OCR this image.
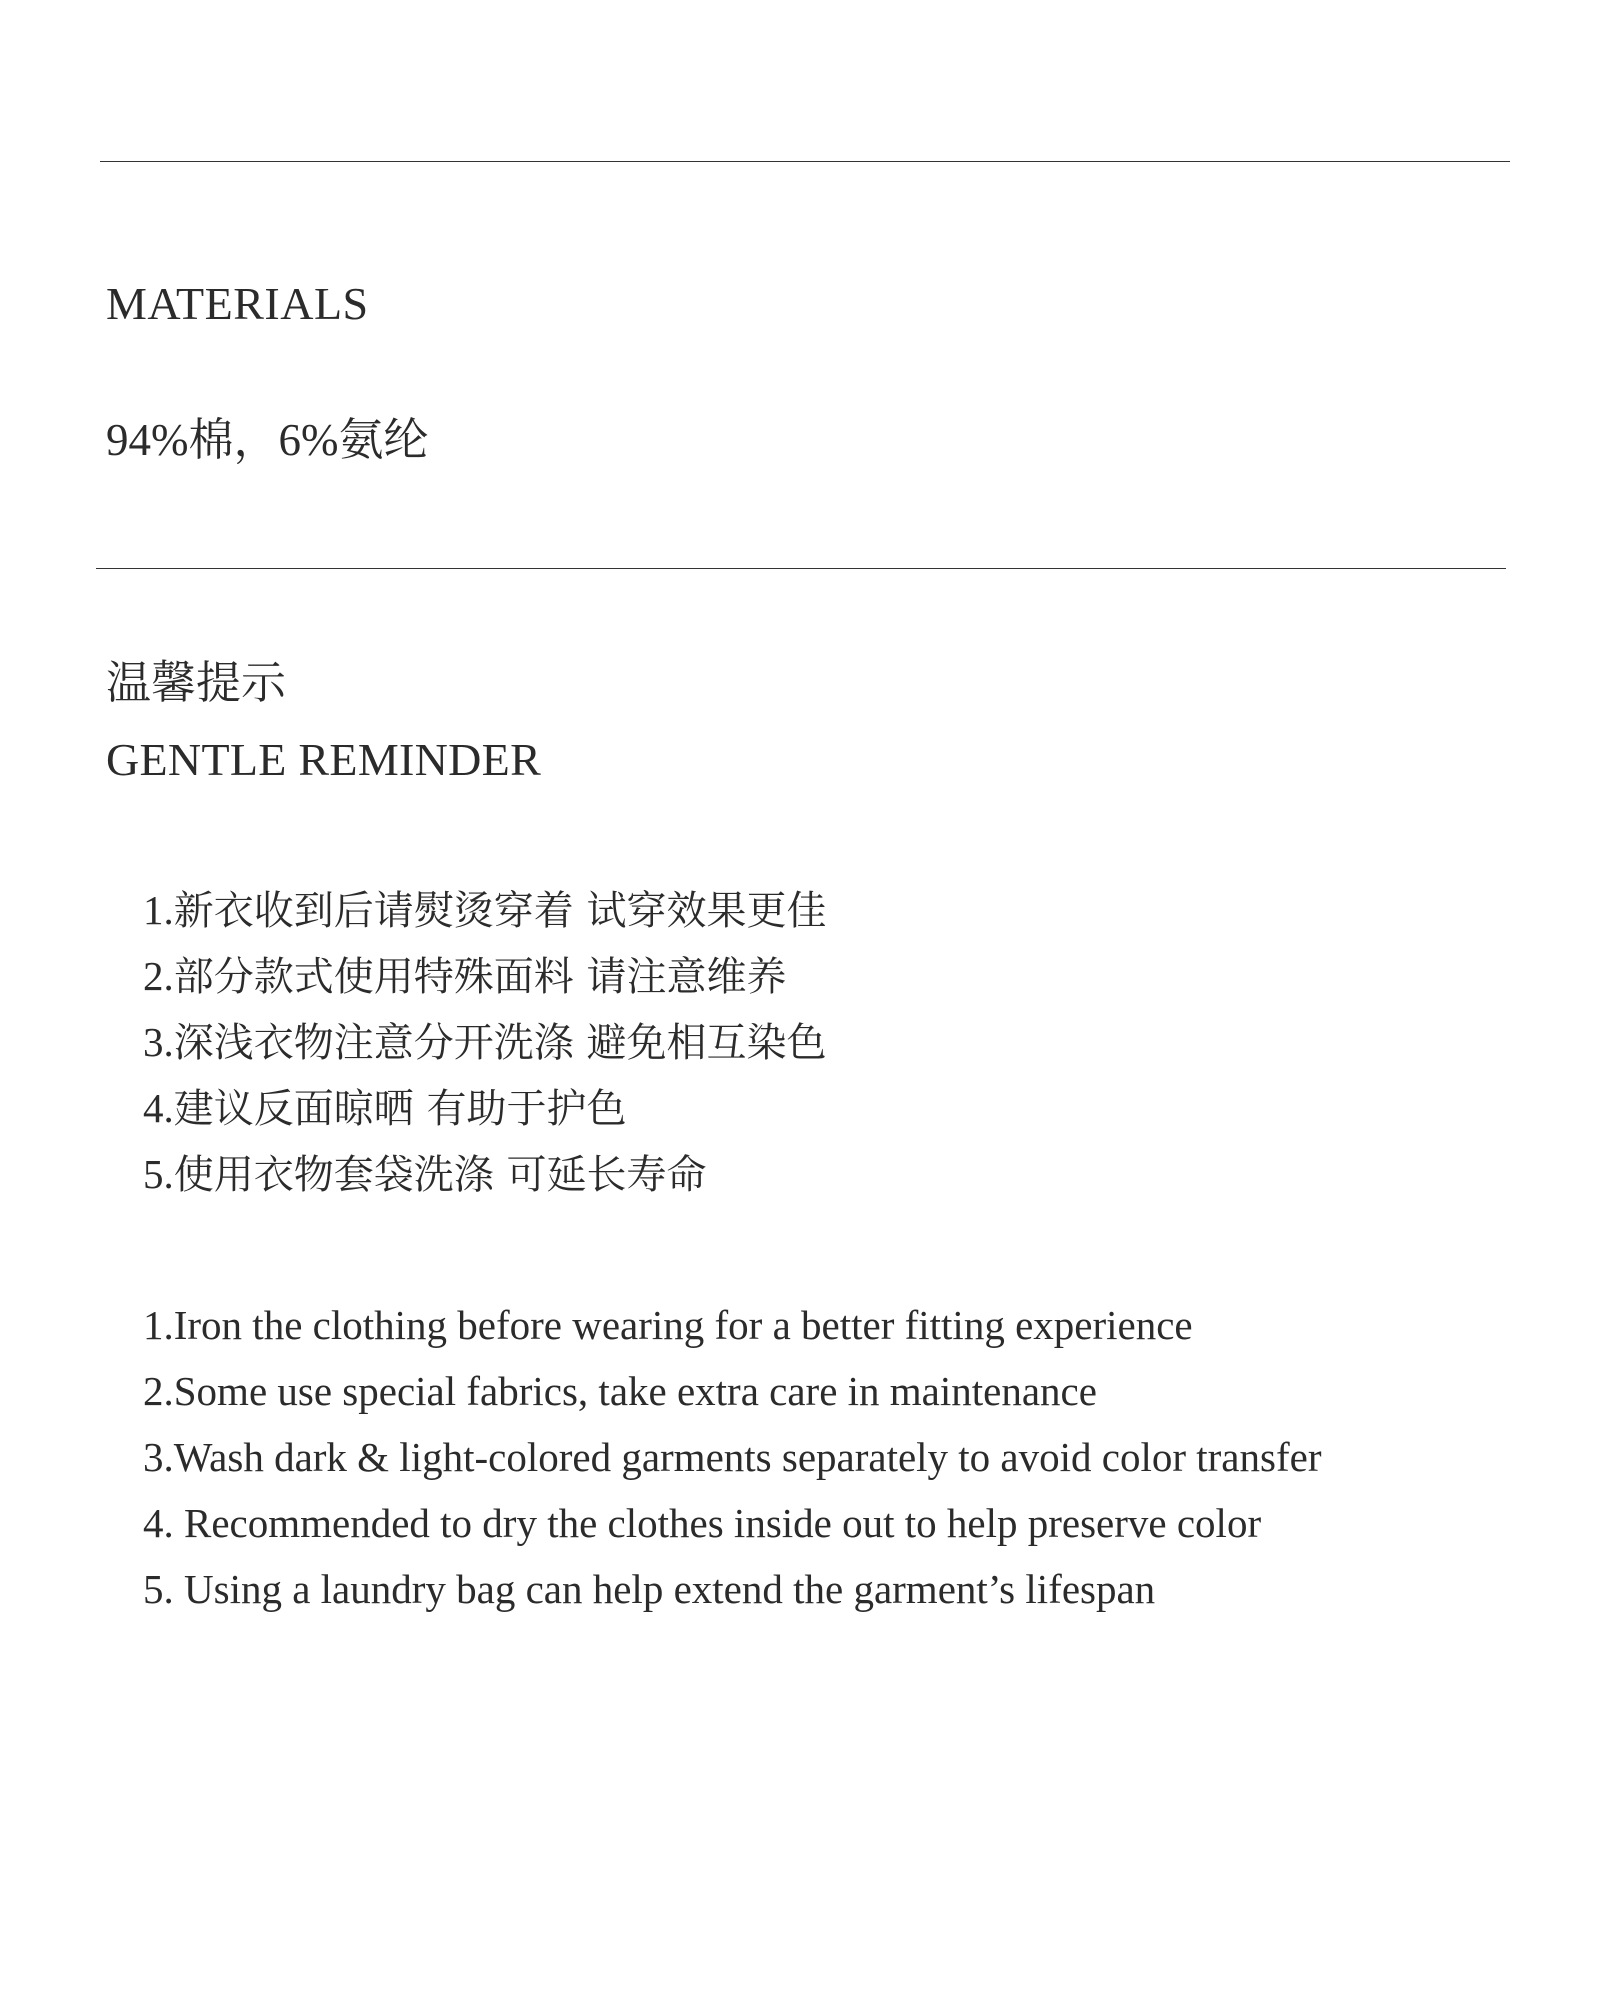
MATERIALS

94%棉，6%氨纶

温馨提示
GENTLE REMINDER
1.新衣收到后请熨烫穿着 试穿效果更佳
2.部分款式使用特殊面料 请注意维养
3.深浅衣物注意分开洗涤 避免相互染色
4.建议反面晾晒 有助于护色
5.使用衣物套袋洗涤 可延长寿命
1.Iron the clothing before wearing for a better fitting experience
2.Some use special fabrics, take extra care in maintenance
3.Wash dark & light-colored garments separately to avoid color transfer
4. Recommended to dry the clothes inside out to help preserve color
5. Using a laundry bag can help extend the garment’s lifespan
